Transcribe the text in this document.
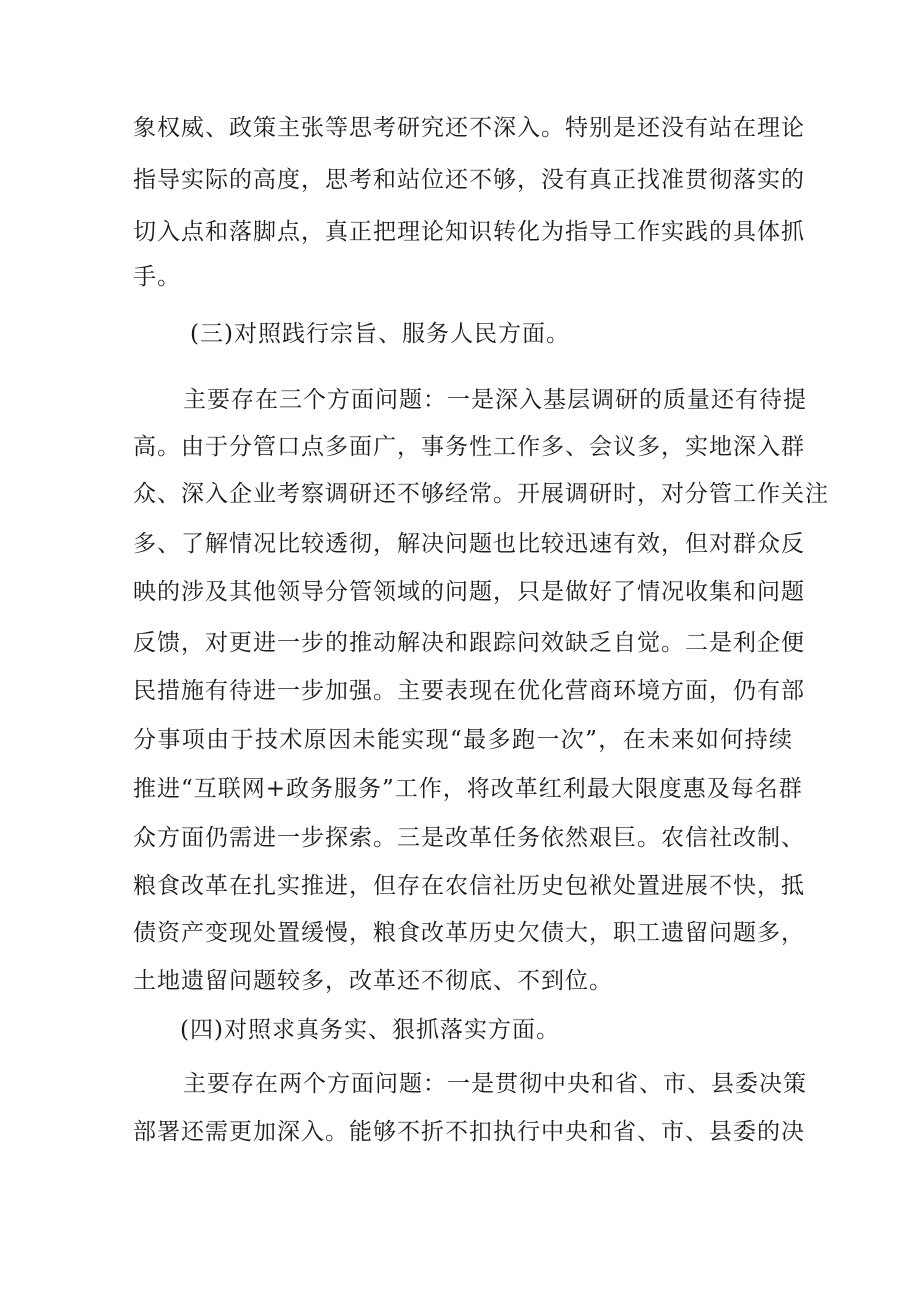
象权威、政策主张等思考研究还不深入。特别是还没有站在理论
指导实际的高度，思考和站位还不够，没有真正找准贯彻落实的
切入点和落脚点，真正把理论知识转化为指导工作实践的具体抓
手。
(三)对照践行宗旨、服务人民方面。
主要存在三个方面问题：一是深入基层调研的质量还有待提
高。由于分管口点多面广，事务性工作多、会议多，实地深入群
众、深入企业考察调研还不够经常。开展调研时，对分管工作关注
多、了解情况比较透彻，解决问题也比较迅速有效，但对群众反
映的涉及其他领导分管领域的问题，只是做好了情况收集和问题
反馈，对更进一步的推动解决和跟踪问效缺乏自觉。二是利企便
民措施有待进一步加强。主要表现在优化营商环境方面，仍有部
分事项由于技术原因未能实现“最多跑一次”，在未来如何持续
推进“互联网+政务服务”工作，将改革红利最大限度惠及每名群
众方面仍需进一步探索。三是改革任务依然艰巨。农信社改制、
粮食改革在扎实推进，但存在农信社历史包袱处置进展不快，抵
债资产变现处置缓慢，粮食改革历史欠债大，职工遗留问题多，
土地遗留问题较多，改革还不彻底、不到位。
(四)对照求真务实、狠抓落实方面。
主要存在两个方面问题：一是贯彻中央和省、市、县委决策
部署还需更加深入。能够不折不扣执行中央和省、市、县委的决
